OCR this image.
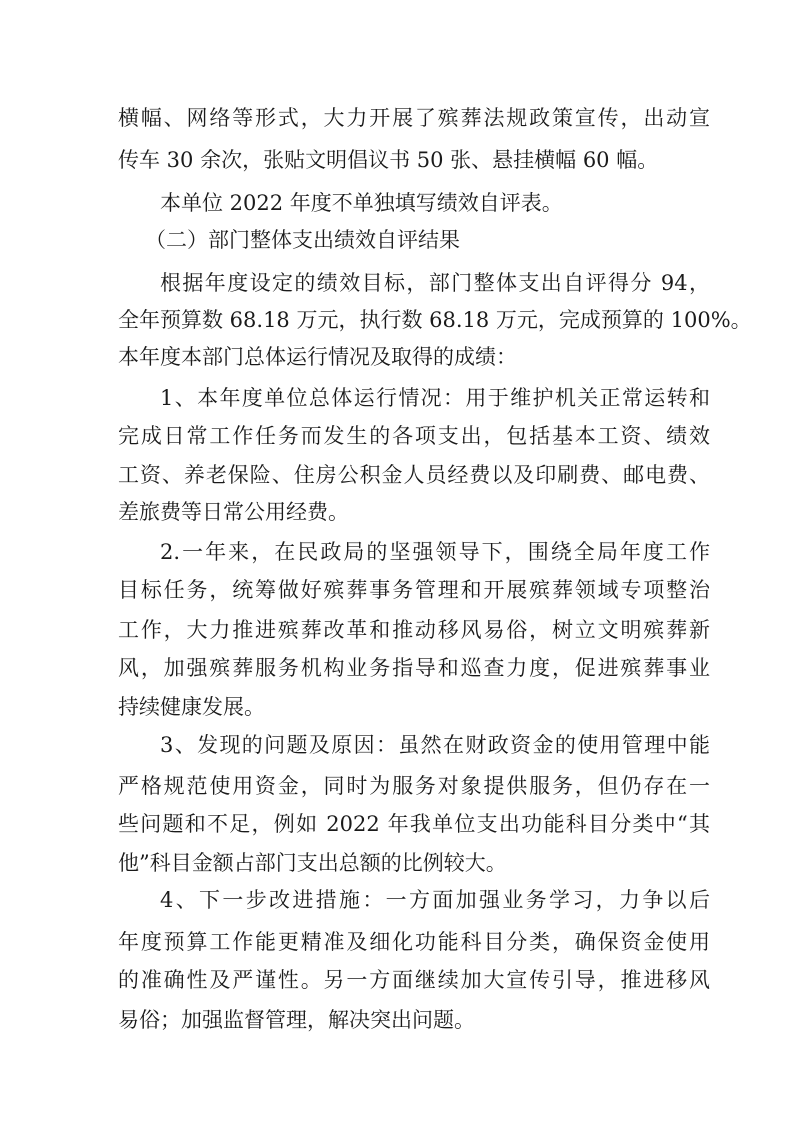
横幅、网络等形式，大力开展了殡葬法规政策宣传，出动宣
传车 30 余次，张贴文明倡议书 50 张、悬挂横幅 60 幅。
本单位 2022 年度不单独填写绩效自评表。
（二）部门整体支出绩效自评结果
根据年度设定的绩效目标，部门整体支出自评得分 94，
全年预算数 68.18 万元，执行数 68.18 万元，完成预算的 100%。
本年度本部门总体运行情况及取得的成绩：
1、本年度单位总体运行情况：用于维护机关正常运转和
完成日常工作任务而发生的各项支出，包括基本工资、绩效
工资、养老保险、住房公积金人员经费以及印刷费、邮电费、
差旅费等日常公用经费。
2.一年来，在民政局的坚强领导下，围绕全局年度工作
目标任务，统筹做好殡葬事务管理和开展殡葬领域专项整治
工作，大力推进殡葬改革和推动移风易俗，树立文明殡葬新
风，加强殡葬服务机构业务指导和巡查力度，促进殡葬事业
持续健康发展。
3、发现的问题及原因：虽然在财政资金的使用管理中能
严格规范使用资金，同时为服务对象提供服务，但仍存在一
些问题和不足，例如 2022 年我单位支出功能科目分类中“其
他”科目金额占部门支出总额的比例较大。
4、下一步改进措施：一方面加强业务学习，力争以后
年度预算工作能更精准及细化功能科目分类，确保资金使用
的准确性及严谨性。另一方面继续加大宣传引导，推进移风
易俗；加强监督管理，解决突出问题。
